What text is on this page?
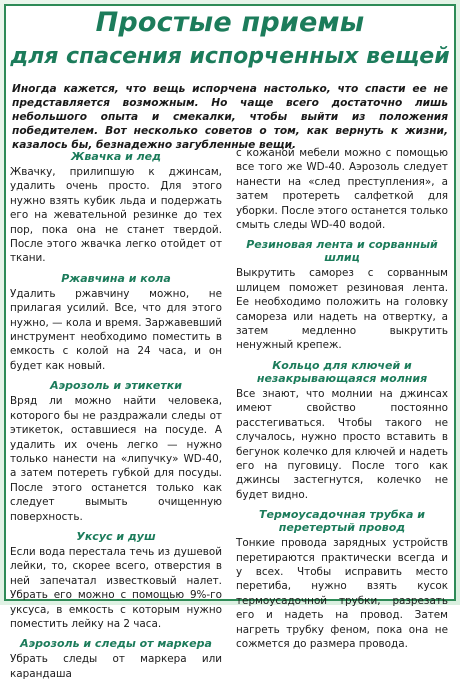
Простые приемы
для спасения испорченных вещей
Иногда кажется, что вещь испорчена настолько, что спасти ее не представляется возможным. Но чаще всего достаточно лишь небольшого опыта и смекалки, чтобы выйти из положения победителем. Вот несколько советов о том, как вернуть к жизни, казалось бы, безнадежно загубленные вещи.
Жвачка и лед
Жвачку, прилипшую к джинсам, удалить очень просто. Для этого нужно взять кубик льда и подержать его на жевательной резинке до тех пор, пока она не станет твердой. После этого жвачка легко отойдет от ткани.
Ржавчина и кола
Удалить ржавчину можно, не прилагая усилий. Все, что для этого нужно, — кола и время. Заржавевший инструмент необходимо поместить в емкость с колой на 24 часа, и он будет как новый.
Аэрозоль и этикетки
Вряд ли можно найти человека, которого бы не раздражали следы от этикеток, оставшиеся на посуде. А удалить их очень легко — нужно только нанести на «липучку» WD-40, а затем потереть губкой для посуды. После этого останется только как следует вымыть очищенную поверхность.
Уксус и душ
Если вода перестала течь из душевой лейки, то, скорее всего, отверстия в ней запечатал известковый налет. Убрать его можно с помощью 9%-го уксуса, в емкость с которым нужно поместить лейку на 2 часа.
Аэрозоль и следы от маркера
Убрать следы от маркера или карандаша
с кожаной мебели можно с помощью все того же WD-40. Аэрозоль следует нанести на «след преступления», а затем протереть салфеткой для уборки. После этого останется только смыть следы WD-40 водой.
Резиновая лента и сорванный шлиц
Выкрутить саморез с сорванным шлицем поможет резиновая лента. Ее необходимо положить на головку самореза или надеть на отвертку, а затем медленно выкрутить ненужный крепеж.
Кольцо для ключей и незакрывающаяся молния
Все знают, что молнии на джинсах имеют свойство постоянно расстегиваться. Чтобы такого не случалось, нужно просто вставить в бегунок колечко для ключей и надеть его на пуговицу. После того как джинсы застегнутся, колечко не будет видно.
Термоусадочная трубка и перетертый провод
Тонкие провода зарядных устройств перетираются практически всегда и у всех. Чтобы исправить место перетиба, нужно взять кусок термоусадочной трубки, разрезать его и надеть на провод. Затем нагреть трубку феном, пока она не сожмется до размера провода.
